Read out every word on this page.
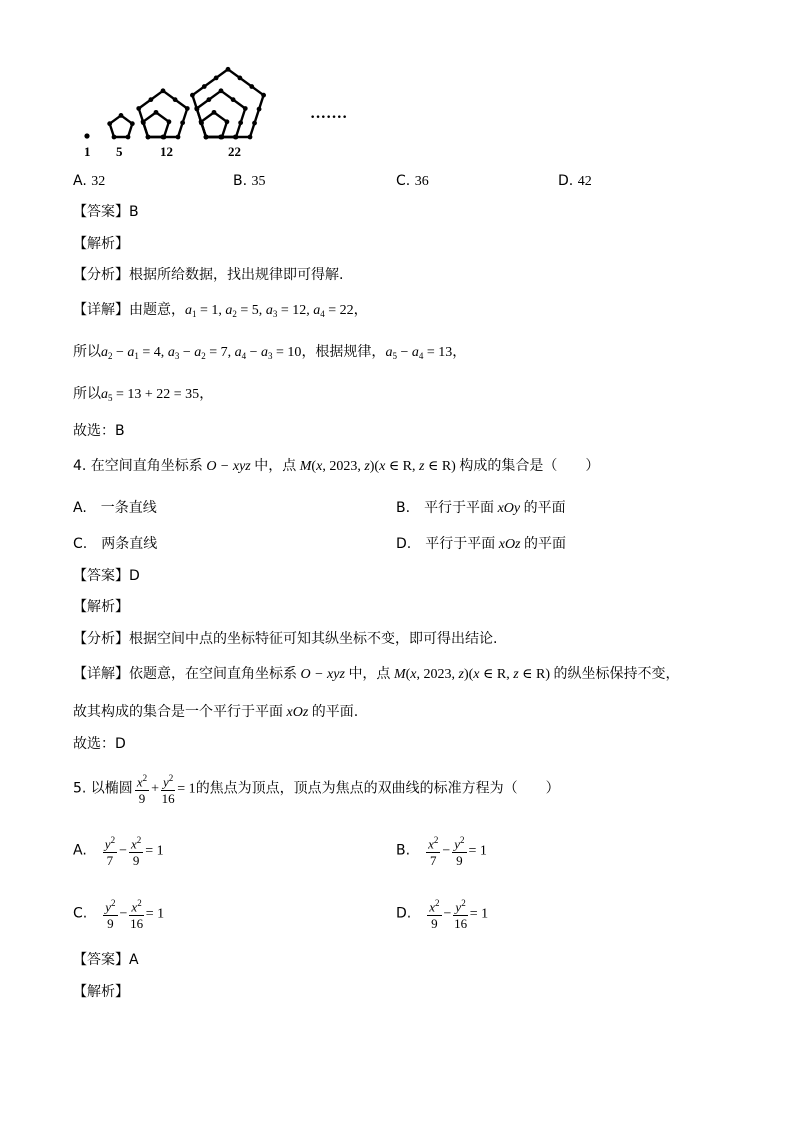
1 5	12	22
·······
A. 32	B. 35	C. 36	D. 42
【答案】B
【解析】
【分析】根据所给数据，找出规律即可得解.
【详解】由题意，$a_1 = 1$, $a_2 = 5$, $a_3 = 12$, $a_4 = 22$，
所以$a_2 - a_1 = 4$, $a_3 - a_2 = 7$, $a_4 - a_3 = 10$，根据规律，$a_5 - a_4 = 13$，
所以$a_5 = 13 + 22 = 35$，
故选：B
4. 在空间直角坐标系 O − xyz 中，点 M(x, 2023, z)(x ∈ R, z ∈ R) 构成的集合是（　　）
A.　 一条直线	B.　 平行于平面 xOy 的平面
C.　 两条直线	D.　 平行于平面 xOz 的平面
【答案】D
【解析】
【分析】根据空间中点的坐标特征可知其纵坐标不变，即可得出结论.
【详解】依题意，在空间直角坐标系 O − xyz 中，点 M(x, 2023, z)(x ∈ R, z ∈ R) 的纵坐标保持不变，
故其构成的集合是一个平行于平面 xOz 的平面.
故选：D
5. 以椭圆 $\frac{x^2}{9} + \frac{y^2}{16} = 1$的焦点为顶点，顶点为焦点的双曲线的标准方程为（　　）
A.　 $\frac{y^2}{7} - \frac{x^2}{9} = 1$	B.　 $\frac{x^2}{7} - \frac{y^2}{9} = 1$
C.　 $\frac{y^2}{9} - \frac{x^2}{16} = 1$	D.　 $\frac{x^2}{9} - \frac{y^2}{16} = 1$
【答案】A
【解析】
